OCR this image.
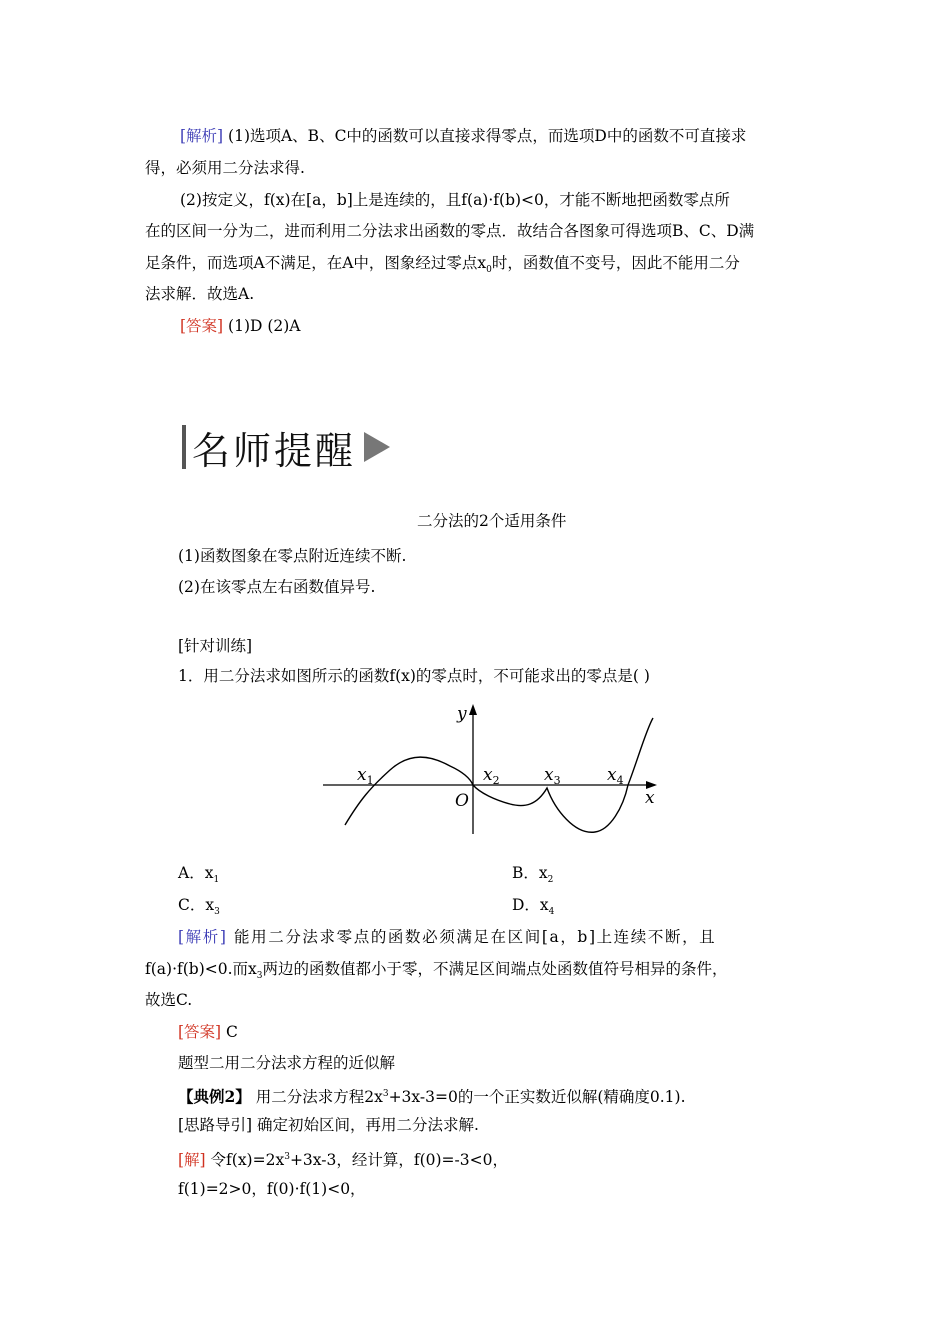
[解析] (1)选项A、B、C中的函数可以直接求得零点，而选项D中的函数不可直接求
得，必须用二分法求得.
(2)按定义，f(x)在[a，b]上是连续的，且f(a)·f(b)<0，才能不断地把函数零点所
在的区间一分为二，进而利用二分法求出函数的零点．故结合各图象可得选项B、C、D满
足条件，而选项A不满足，在A中，图象经过零点$x_0$时，函数值不变号，因此不能用二分
法求解．故选A.
[答案] (1)D (2)A
名师提醒
二分法的2个适用条件
(1)函数图象在零点附近连续不断.
(2)在该零点左右函数值异号.
[针对训练]
1．用二分法求如图所示的函数f(x)的零点时，不可能求出的零点是( )
y
x
O
$x_1$	$x_2$	$x_3$	$x_4$
A．$x_1$	B．$x_2$
C．$x_3$	D．$x_4$
[解析] 能用二分法求零点的函数必须满足在区间[a，b]上连续不断，且
f(a)·f(b)<0.而$x_3$两边的函数值都小于零，不满足区间端点处函数值符号相异的条件，
故选C.
[答案] C
题型二用二分法求方程的近似解
【典例2】 用二分法求方程$2x^3+3x-3=0$的一个正实数近似解(精确度0.1).
[思路导引] 确定初始区间，再用二分法求解.
[解] 令$f(x)=2x^3+3x-3$，经计算，f(0)=-3<0，
f(1)=2>0，f(0)·f(1)<0，
